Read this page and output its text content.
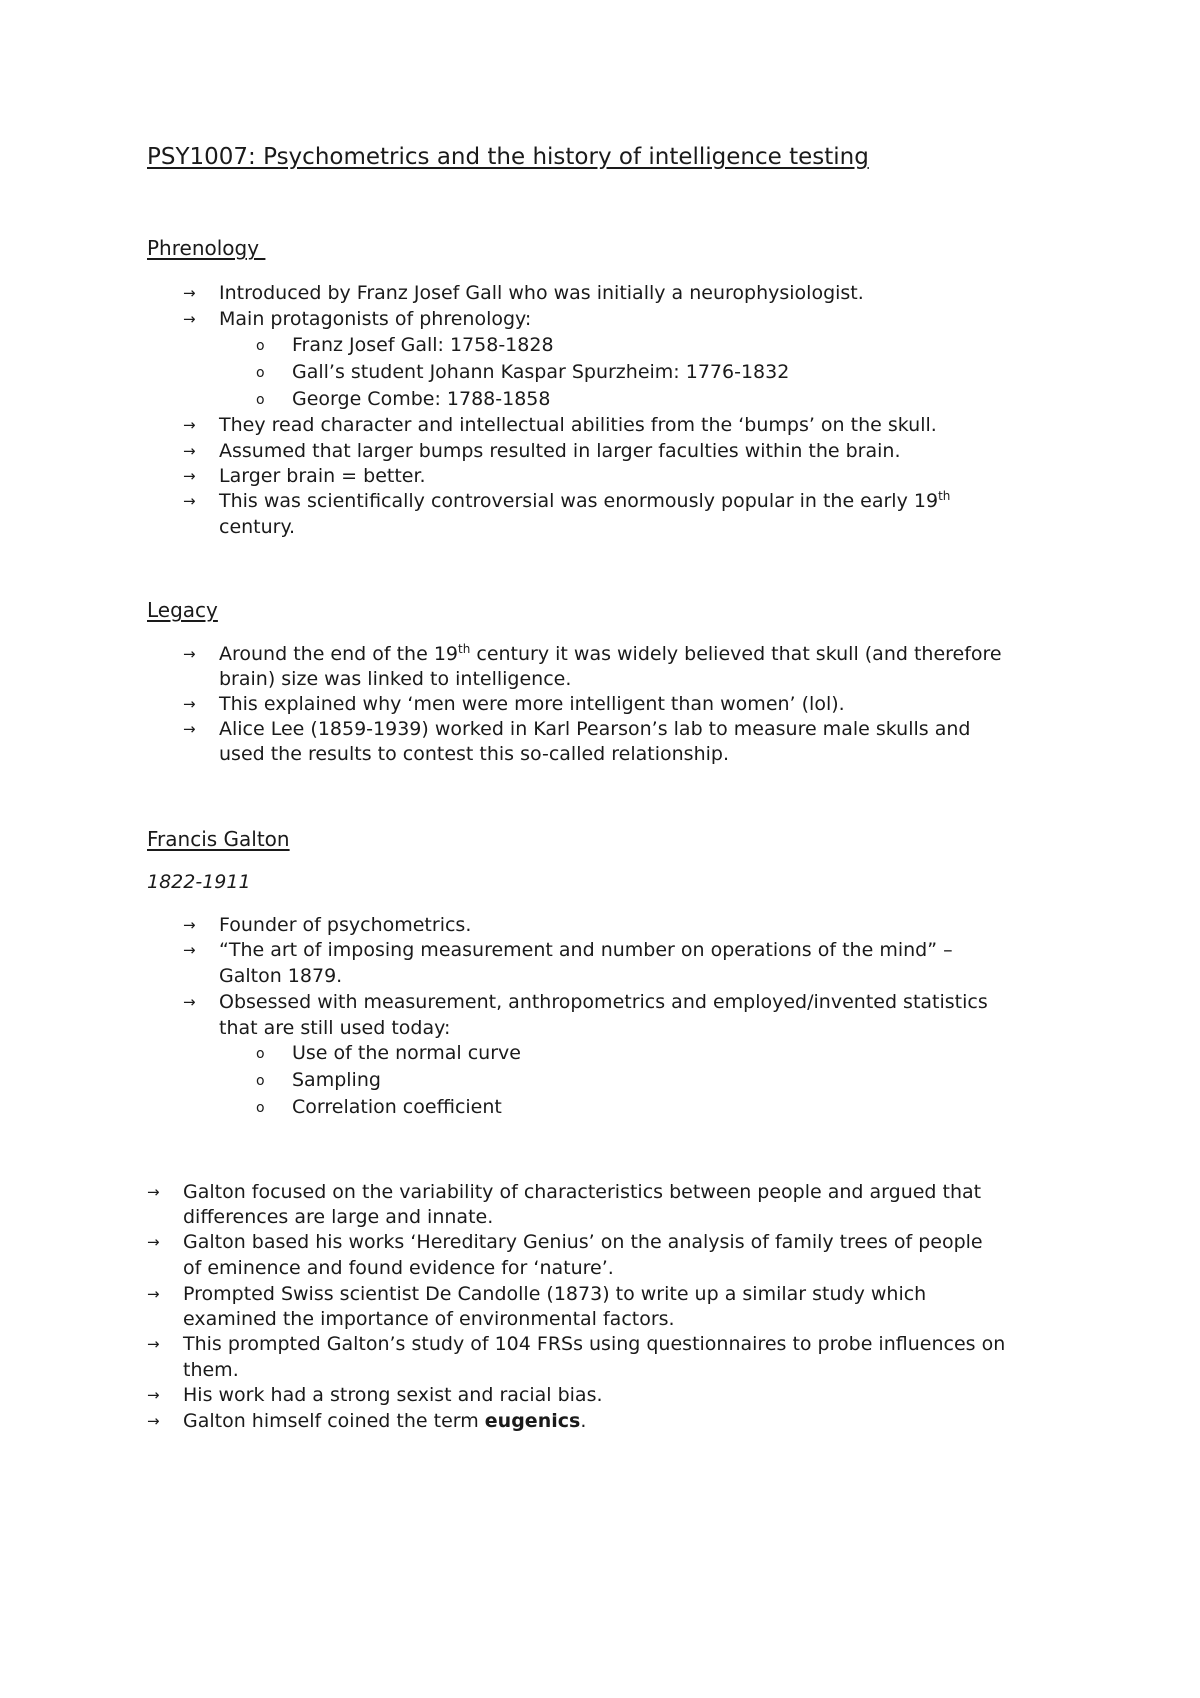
PSY1007: Psychometrics and the history of intelligence testing
Phrenology
→ Introduced by Franz Josef Gall who was initially a neurophysiologist.
→ Main protagonists of phrenology:
o Franz Josef Gall: 1758-1828
o Gall’s student Johann Kaspar Spurzheim: 1776-1832
o George Combe: 1788-1858
→ They read character and intellectual abilities from the ‘bumps’ on the skull.
→ Assumed that larger bumps resulted in larger faculties within the brain.
→ Larger brain = better.
→ This was scientifically controversial was enormously popular in the early 19th
century.
Legacy
→ Around the end of the 19th century it was widely believed that skull (and therefore
brain) size was linked to intelligence.
→ This explained why ‘men were more intelligent than women’ (lol).
→ Alice Lee (1859-1939) worked in Karl Pearson’s lab to measure male skulls and
used the results to contest this so-called relationship.
Francis Galton

1822-1911

→ Founder of psychometrics.
→ “The art of imposing measurement and number on operations of the mind” –
Galton 1879.
→ Obsessed with measurement, anthropometrics and employed/invented statistics
that are still used today:
o Use of the normal curve
o Sampling
o Correlation coefficient
→ Galton focused on the variability of characteristics between people and argued that
differences are large and innate.
→ Galton based his works ‘Hereditary Genius’ on the analysis of family trees of people
of eminence and found evidence for ‘nature’.
→ Prompted Swiss scientist De Candolle (1873) to write up a similar study which
examined the importance of environmental factors.
→ This prompted Galton’s study of 104 FRSs using questionnaires to probe influences on
them.
→ His work had a strong sexist and racial bias.
→ Galton himself coined the term eugenics.
